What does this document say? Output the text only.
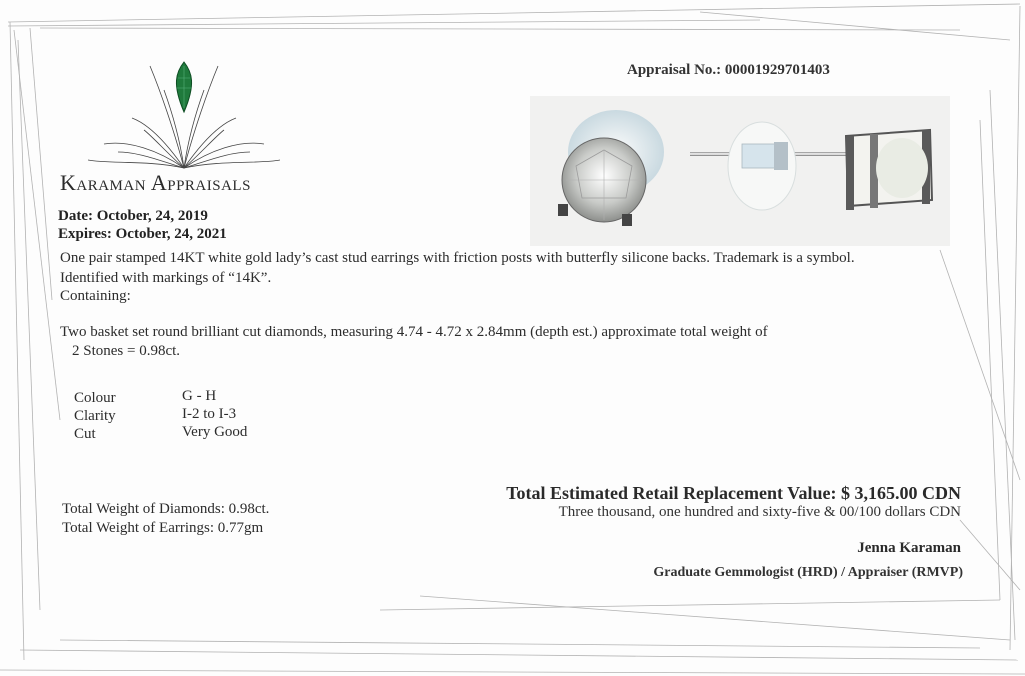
Karaman Appraisals
Date: October, 24, 2019
Expires: October, 24, 2021
Appraisal No.: 00001929701403
One pair stamped 14KT white gold lady’s cast stud earrings with friction posts with butterfly silicone backs. Trademark is a symbol.
Identified with markings of “14K”.
Containing:
Two basket set round brilliant cut diamonds, measuring 4.74 - 4.72 x 2.84mm (depth est.) approximate total weight of
2 Stones = 0.98ct.
Colour	G - H
Clarity	I-2 to I-3
Cut	Very Good
Total Weight of Diamonds: 0.98ct.
Total Weight of Earrings: 0.77gm
Total Estimated Retail Replacement Value: $ 3,165.00 CDN
Three thousand, one hundred and sixty-five & 00/100 dollars CDN
Jenna Karaman
Graduate Gemmologist (HRD) / Appraiser (RMVP)
